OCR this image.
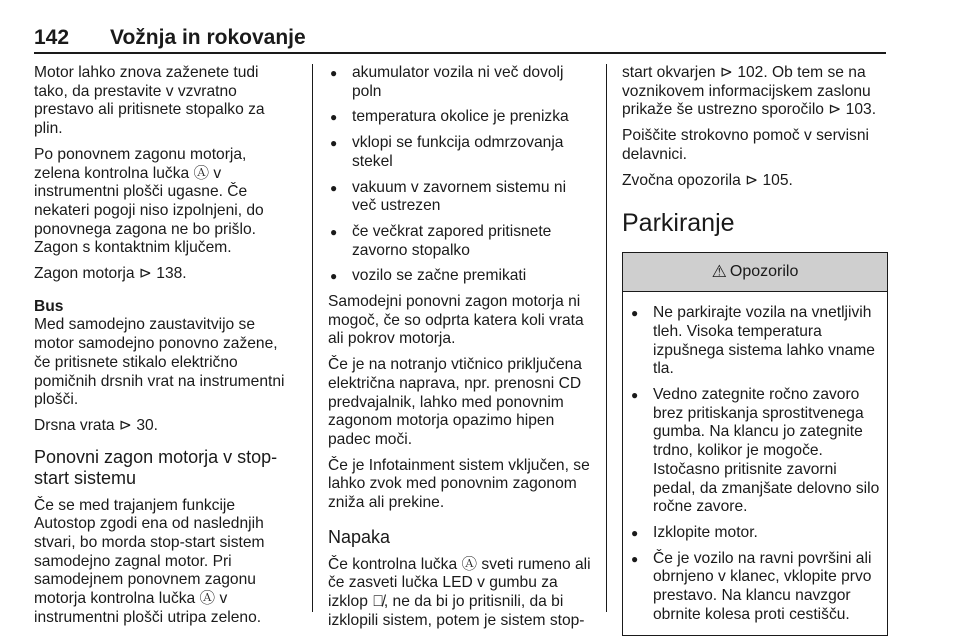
142 Vožnja in rokovanje

Motor lahko znova zaženete tudi tako, da prestavite v vzvratno prestavo ali pritisnete stopalko za plin.

Po ponovnem zagonu motorja, zelena kontrolna lučka Ⓐ v instrumentni plošči ugasne. Če nekateri pogoji niso izpolnjeni, do ponovnega zagona ne bo prišlo. Zagon s kontaktnim ključem.

Zagon motorja ⊳ 138.

Bus

Med samodejno zaustavitvijo se motor samodejno ponovno zažene, če pritisnete stikalo električno pomičnih drsnih vrat na instrumentni plošči.

Drsna vrata ⊳ 30.

Ponovni zagon motorja v stop-start sistemu

Če se med trajanjem funkcije Autostop zgodi ena od naslednjih stvari, bo morda stop-start sistem samodejno zagnal motor. Pri samodejnem ponovnem zagonu motorja kontrolna lučka Ⓐ v instrumentni plošči utripa zeleno.

● akumulator vozila ni več dovolj poln
● temperatura okolice je prenizka
● vklopi se funkcija odmrzovanja stekel
● vakuum v zavornem sistemu ni več ustrezen
● če večkrat zapored pritisnete zavorno stopalko
● vozilo se začne premikati

Samodejni ponovni zagon motorja ni mogoč, če so odprta katera koli vrata ali pokrov motorja.

Če je na notranjo vtičnico priključena električna naprava, npr. prenosni CD predvajalnik, lahko med ponovnim zagonom motorja opazimo hipen padec moči.

Če je Infotainment sistem vključen, se lahko zvok med ponovnim zagonom zniža ali prekine.

Napaka

Če kontrolna lučka Ⓐ sveti rumeno ali če zasveti lučka LED v gumbu za izklop Ⓐ̸, ne da bi jo pritisnili, da bi izklopili sistem, potem je sistem stop-

start okvarjen ⊳ 102. Ob tem se na voznikovem informacijskem zaslonu prikaže še ustrezno sporočilo ⊳ 103.

Poiščite strokovno pomoč v servisni delavnici.

Zvočna opozorila ⊳ 105.

Parkiranje
⚠ Opozorilo
● Ne parkirajte vozila na vnetljivih tleh. Visoka temperatura izpušnega sistema lahko vname tla.
● Vedno zategnite ročno zavoro brez pritiskanja sprostitvenega gumba. Na klancu jo zategnite trdno, kolikor je mogoče. Istočasno pritisnite zavorni pedal, da zmanjšate delovno silo ročne zavore.
● Izklopite motor.
● Če je vozilo na ravni površini ali obrnjeno v klanec, vklopite prvo prestavo. Na klancu navzgor obrnite kolesa proti cestišču.
